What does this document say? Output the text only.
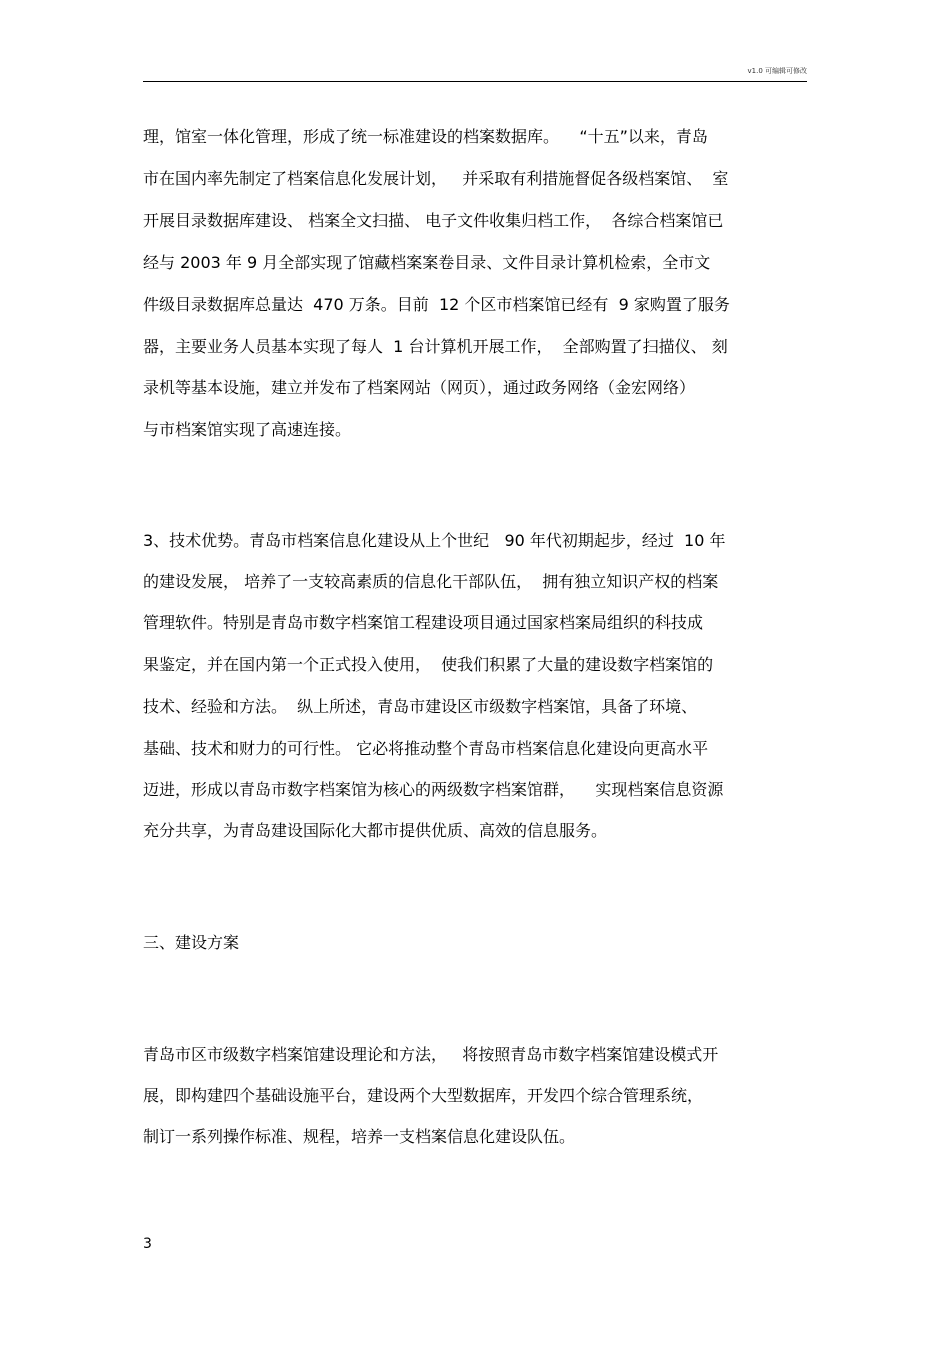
v1.0 可编辑可修改
理，馆室一体化管理，形成了统一标准建设的档案数据库。    “十五”以来，青岛
市在国内率先制定了档案信息化发展计划，   并采取有利措施督促各级档案馆、  室
开展目录数据库建设、 档案全文扫描、 电子文件收集归档工作，  各综合档案馆已
经与 2003 年 9 月全部实现了馆藏档案案卷目录、文件目录计算机检索，全市文
件级目录数据库总量达  470 万条。目前  12 个区市档案馆已经有  9 家购置了服务
器，主要业务人员基本实现了每人  1 台计算机开展工作，  全部购置了扫描仪、 刻
录机等基本设施，建立并发布了档案网站（网页），通过政务网络（金宏网络）
与市档案馆实现了高速连接。
3、技术优势。青岛市档案信息化建设从上个世纪   90 年代初期起步，经过  10 年
的建设发展， 培养了一支较高素质的信息化干部队伍，  拥有独立知识产权的档案
管理软件。特别是青岛市数字档案馆工程建设项目通过国家档案局组织的科技成
果鉴定，并在国内第一个正式投入使用，  使我们积累了大量的建设数字档案馆的
技术、经验和方法。  纵上所述，青岛市建设区市级数字档案馆，具备了环境、
基础、技术和财力的可行性。 它必将推动整个青岛市档案信息化建设向更高水平
迈进，形成以青岛市数字档案馆为核心的两级数字档案馆群，    实现档案信息资源
充分共享，为青岛建设国际化大都市提供优质、高效的信息服务。
三、建设方案
青岛市区市级数字档案馆建设理论和方法，   将按照青岛市数字档案馆建设模式开
展，即构建四个基础设施平台，建设两个大型数据库，开发四个综合管理系统，
制订一系列操作标准、规程，培养一支档案信息化建设队伍。
3
